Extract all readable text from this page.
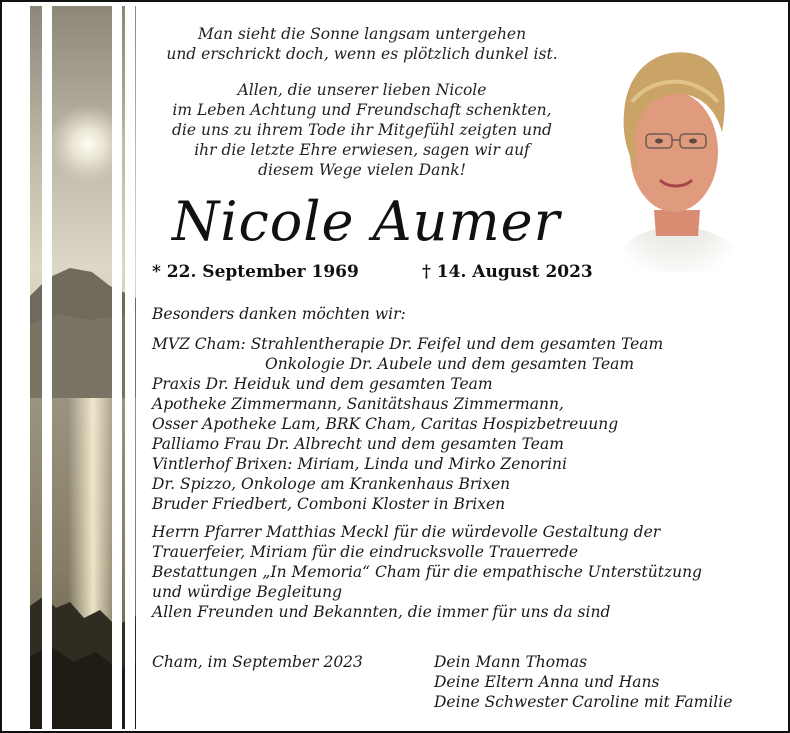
Man sieht die Sonne langsam untergehen
und erschrickt doch, wenn es plötzlich dunkel ist.
Allen, die unserer lieben Nicole
im Leben Achtung und Freundschaft schenkten,
die uns zu ihrem Tode ihr Mitgefühl zeigten und
ihr die letzte Ehre erwiesen, sagen wir auf
diesem Wege vielen Dank!
Nicole Aumer
* 22. September 1969	† 14. August 2023
Besonders danken möchten wir:
MVZ Cham: Strahlentherapie Dr. Feifel und dem gesamten Team
Onkologie Dr. Aubele und dem gesamten Team
Praxis Dr. Heiduk und dem gesamten Team
Apotheke Zimmermann, Sanitätshaus Zimmermann,
Osser Apotheke Lam, BRK Cham, Caritas Hospizbetreuung
Palliamo Frau Dr. Albrecht und dem gesamten Team
Vintlerhof Brixen: Miriam, Linda und Mirko Zenorini
Dr. Spizzo, Onkologe am Krankenhaus Brixen
Bruder Friedbert, Comboni Kloster in Brixen
Herrn Pfarrer Matthias Meckl für die würdevolle Gestaltung der
Trauerfeier, Miriam für die eindrucksvolle Trauerrede
Bestattungen „In Memoria“ Cham für die empathische Unterstützung
und würdige Begleitung
Allen Freunden und Bekannten, die immer für uns da sind
Cham, im September 2023	Dein Mann Thomas
Deine Eltern Anna und Hans
Deine Schwester Caroline mit Familie
